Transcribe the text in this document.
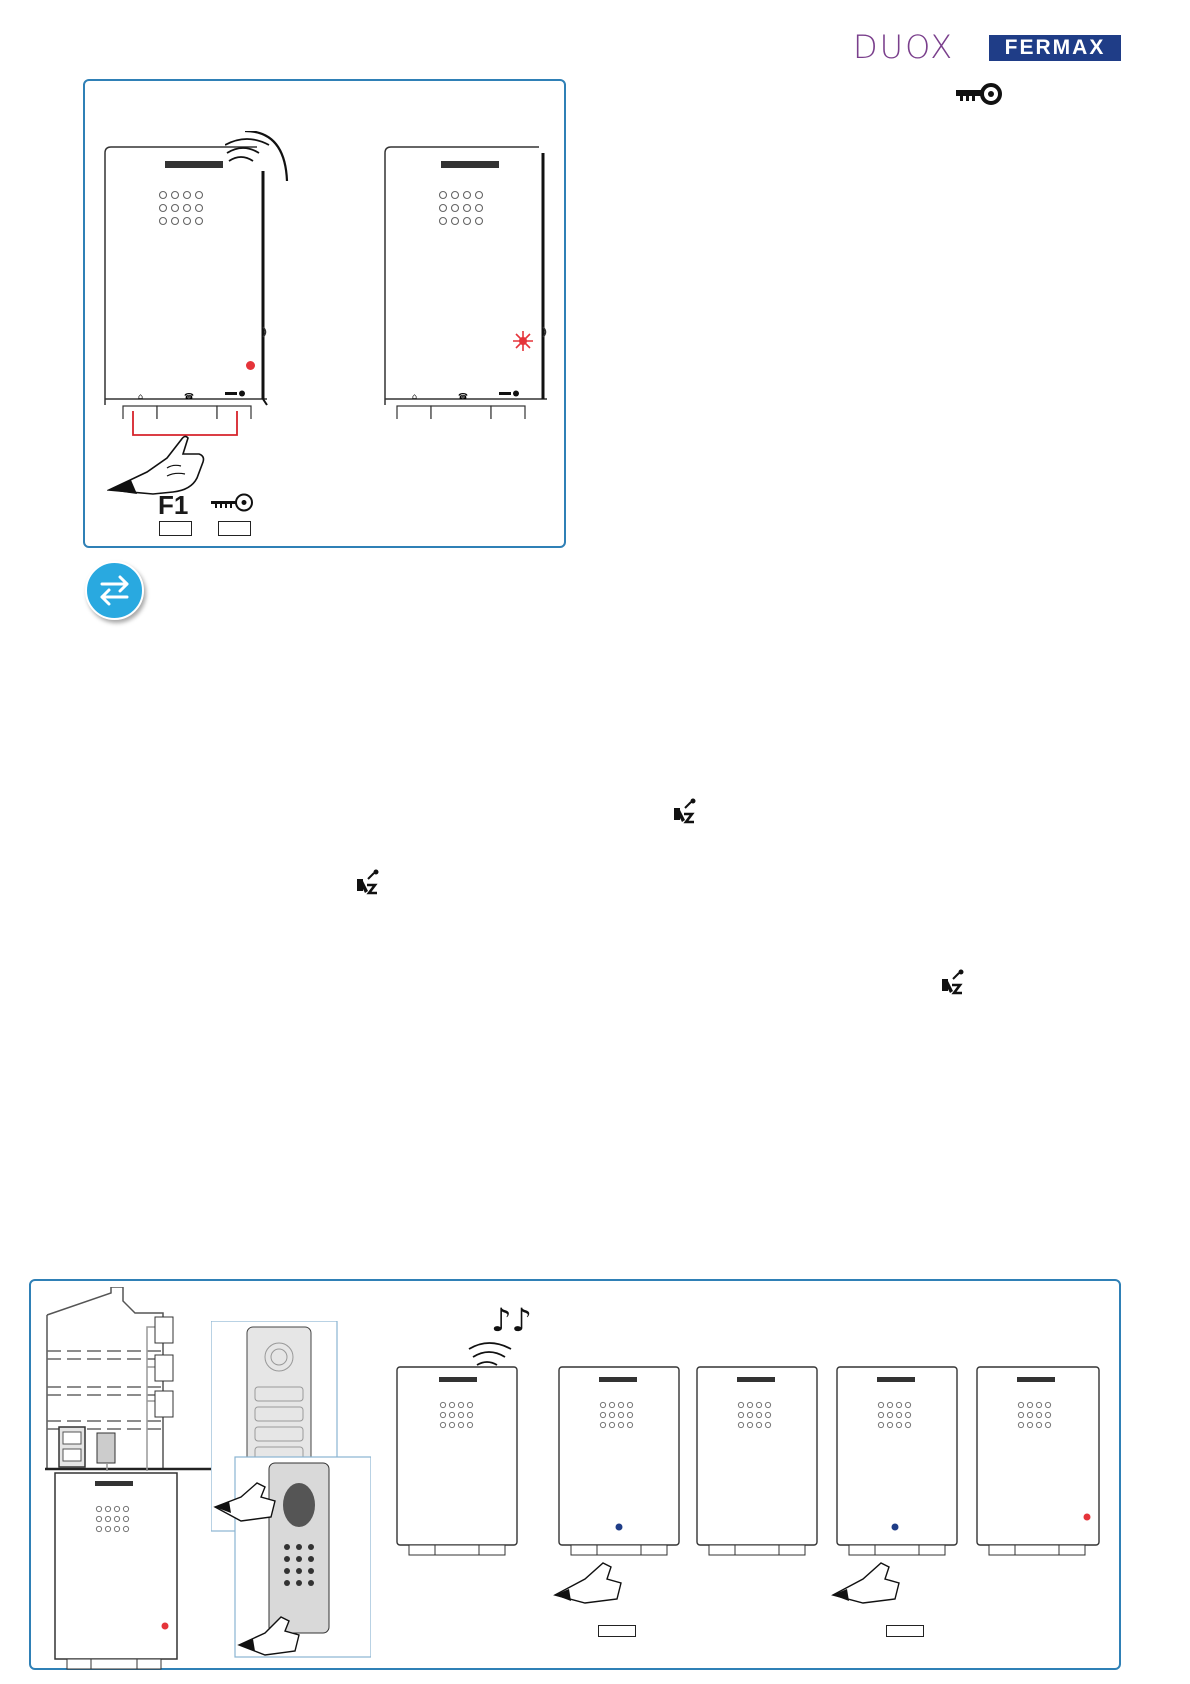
DUOX	FERMAX
⌂	☎	⌂	☎
F1
♪♪
